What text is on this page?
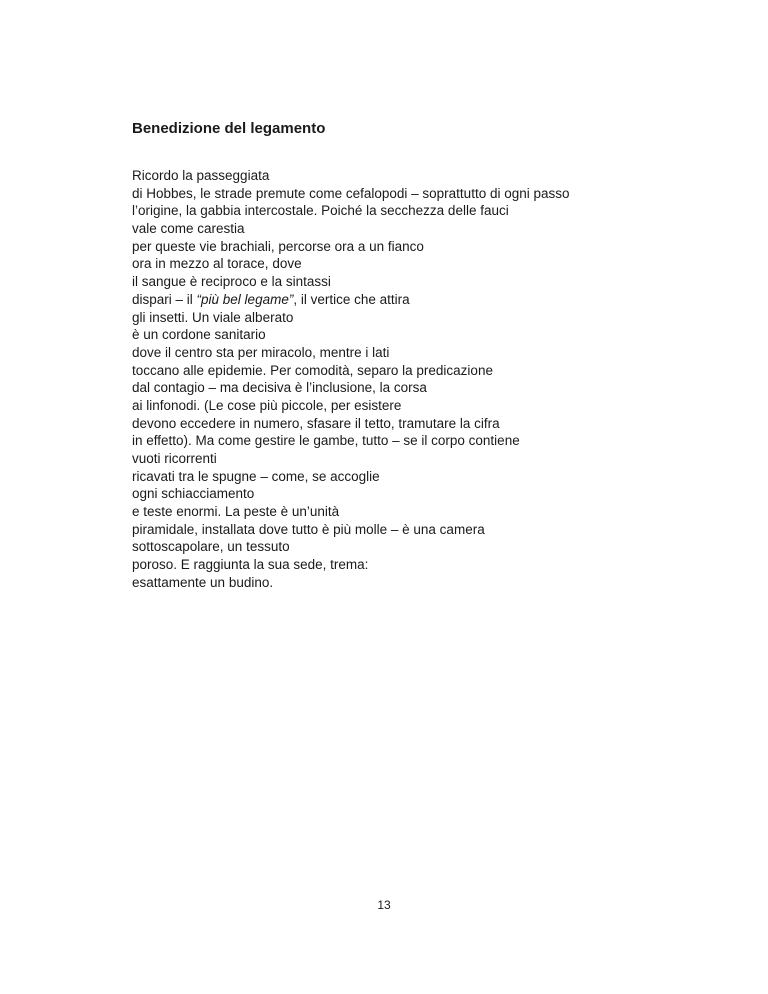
Benedizione del legamento
Ricordo la passeggiata
di Hobbes, le strade premute come cefalopodi – soprattutto di ogni passo
l’origine, la gabbia intercostale. Poiché la secchezza delle fauci
vale come carestia
per queste vie brachiali, percorse ora a un fianco
ora in mezzo al torace, dove
il sangue è reciproco e la sintassi
dispari – il “più bel legame”, il vertice che attira
gli insetti. Un viale alberato
è un cordone sanitario
dove il centro sta per miracolo, mentre i lati
toccano alle epidemie. Per comodità, separo la predicazione
dal contagio – ma decisiva è l’inclusione, la corsa
ai linfonodi. (Le cose più piccole, per esistere
devono eccedere in numero, sfasare il tetto, tramutare la cifra
in effetto). Ma come gestire le gambe, tutto – se il corpo contiene
vuoti ricorrenti
ricavati tra le spugne – come, se accoglie
ogni schiacciamento
e teste enormi. La peste è un’unità
piramidale, installata dove tutto è più molle – è una camera
sottoscapolare, un tessuto
poroso. E raggiunta la sua sede, trema:
esattamente un budino.
13
